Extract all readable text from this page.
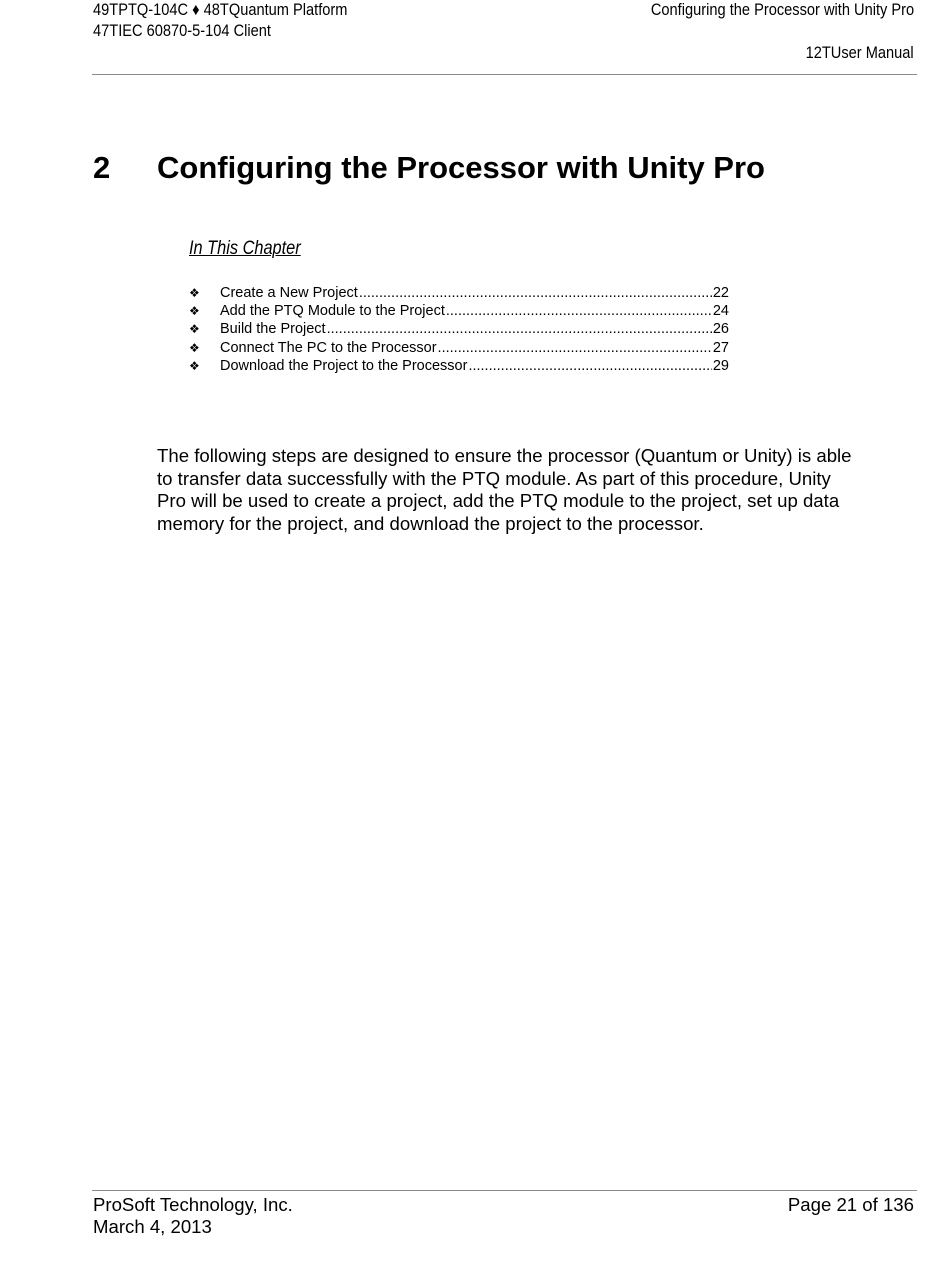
49TPTQ-104C ♦ 48TQuantum Platform
47TIEC 60870-5-104 Client
Configuring the Processor with Unity Pro
12TUser Manual
2 Configuring the Processor with Unity Pro
In This Chapter
❖	Create a New Project .....	22
❖	Add the PTQ Module to the Project .....	24
❖	Build the Project .....	26
❖	Connect The PC to the Processor .....	27
❖	Download the Project to the Processor .....	29

The following steps are designed to ensure the processor (Quantum or Unity) is able to transfer data successfully with the PTQ module. As part of this procedure, Unity Pro will be used to create a project, add the PTQ module to the project, set up data memory for the project, and download the project to the processor.

ProSoft Technology, Inc.
March 4, 2013
Page 21 of 136
